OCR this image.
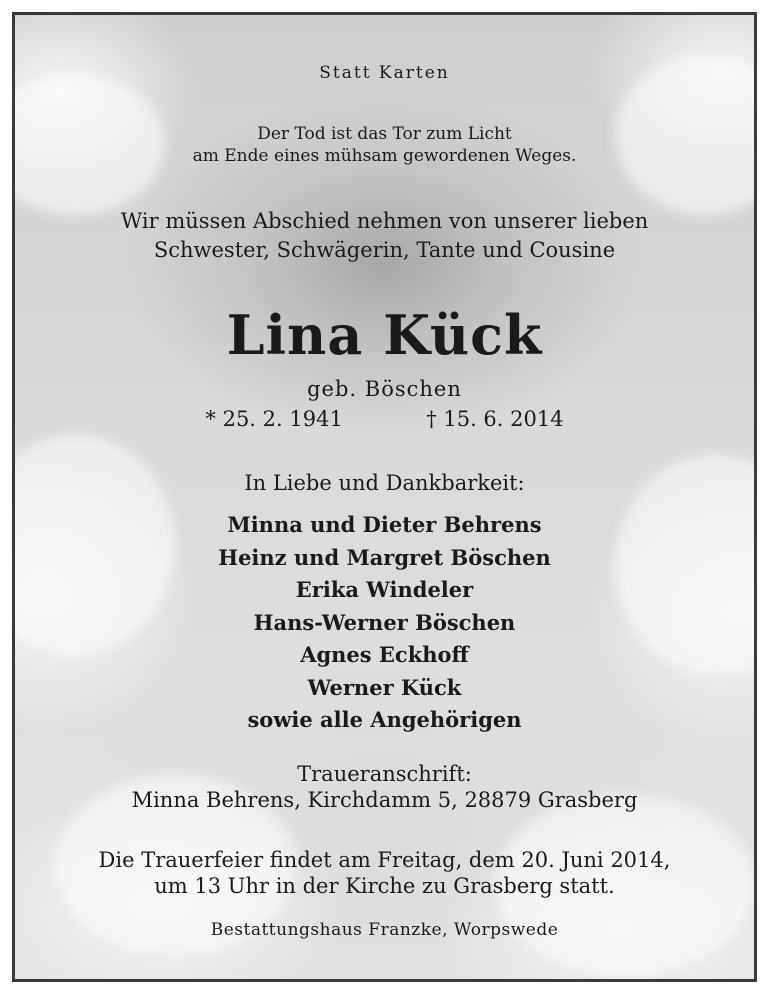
Statt Karten
Der Tod ist das Tor zum Licht
am Ende eines mühsam gewordenen Weges.
Wir müssen Abschied nehmen von unserer lieben
Schwester, Schwägerin, Tante und Cousine
Lina Kück
geb. Böschen
* 25. 2. 1941	† 15. 6. 2014
In Liebe und Dankbarkeit:
Minna und Dieter Behrens
Heinz und Margret Böschen
Erika Windeler
Hans-Werner Böschen
Agnes Eckhoff
Werner Kück
sowie alle Angehörigen
Traueranschrift:
Minna Behrens, Kirchdamm 5, 28879 Grasberg
Die Trauerfeier findet am Freitag, dem 20. Juni 2014,
um 13 Uhr in der Kirche zu Grasberg statt.
Bestattungshaus Franzke, Worpswede
